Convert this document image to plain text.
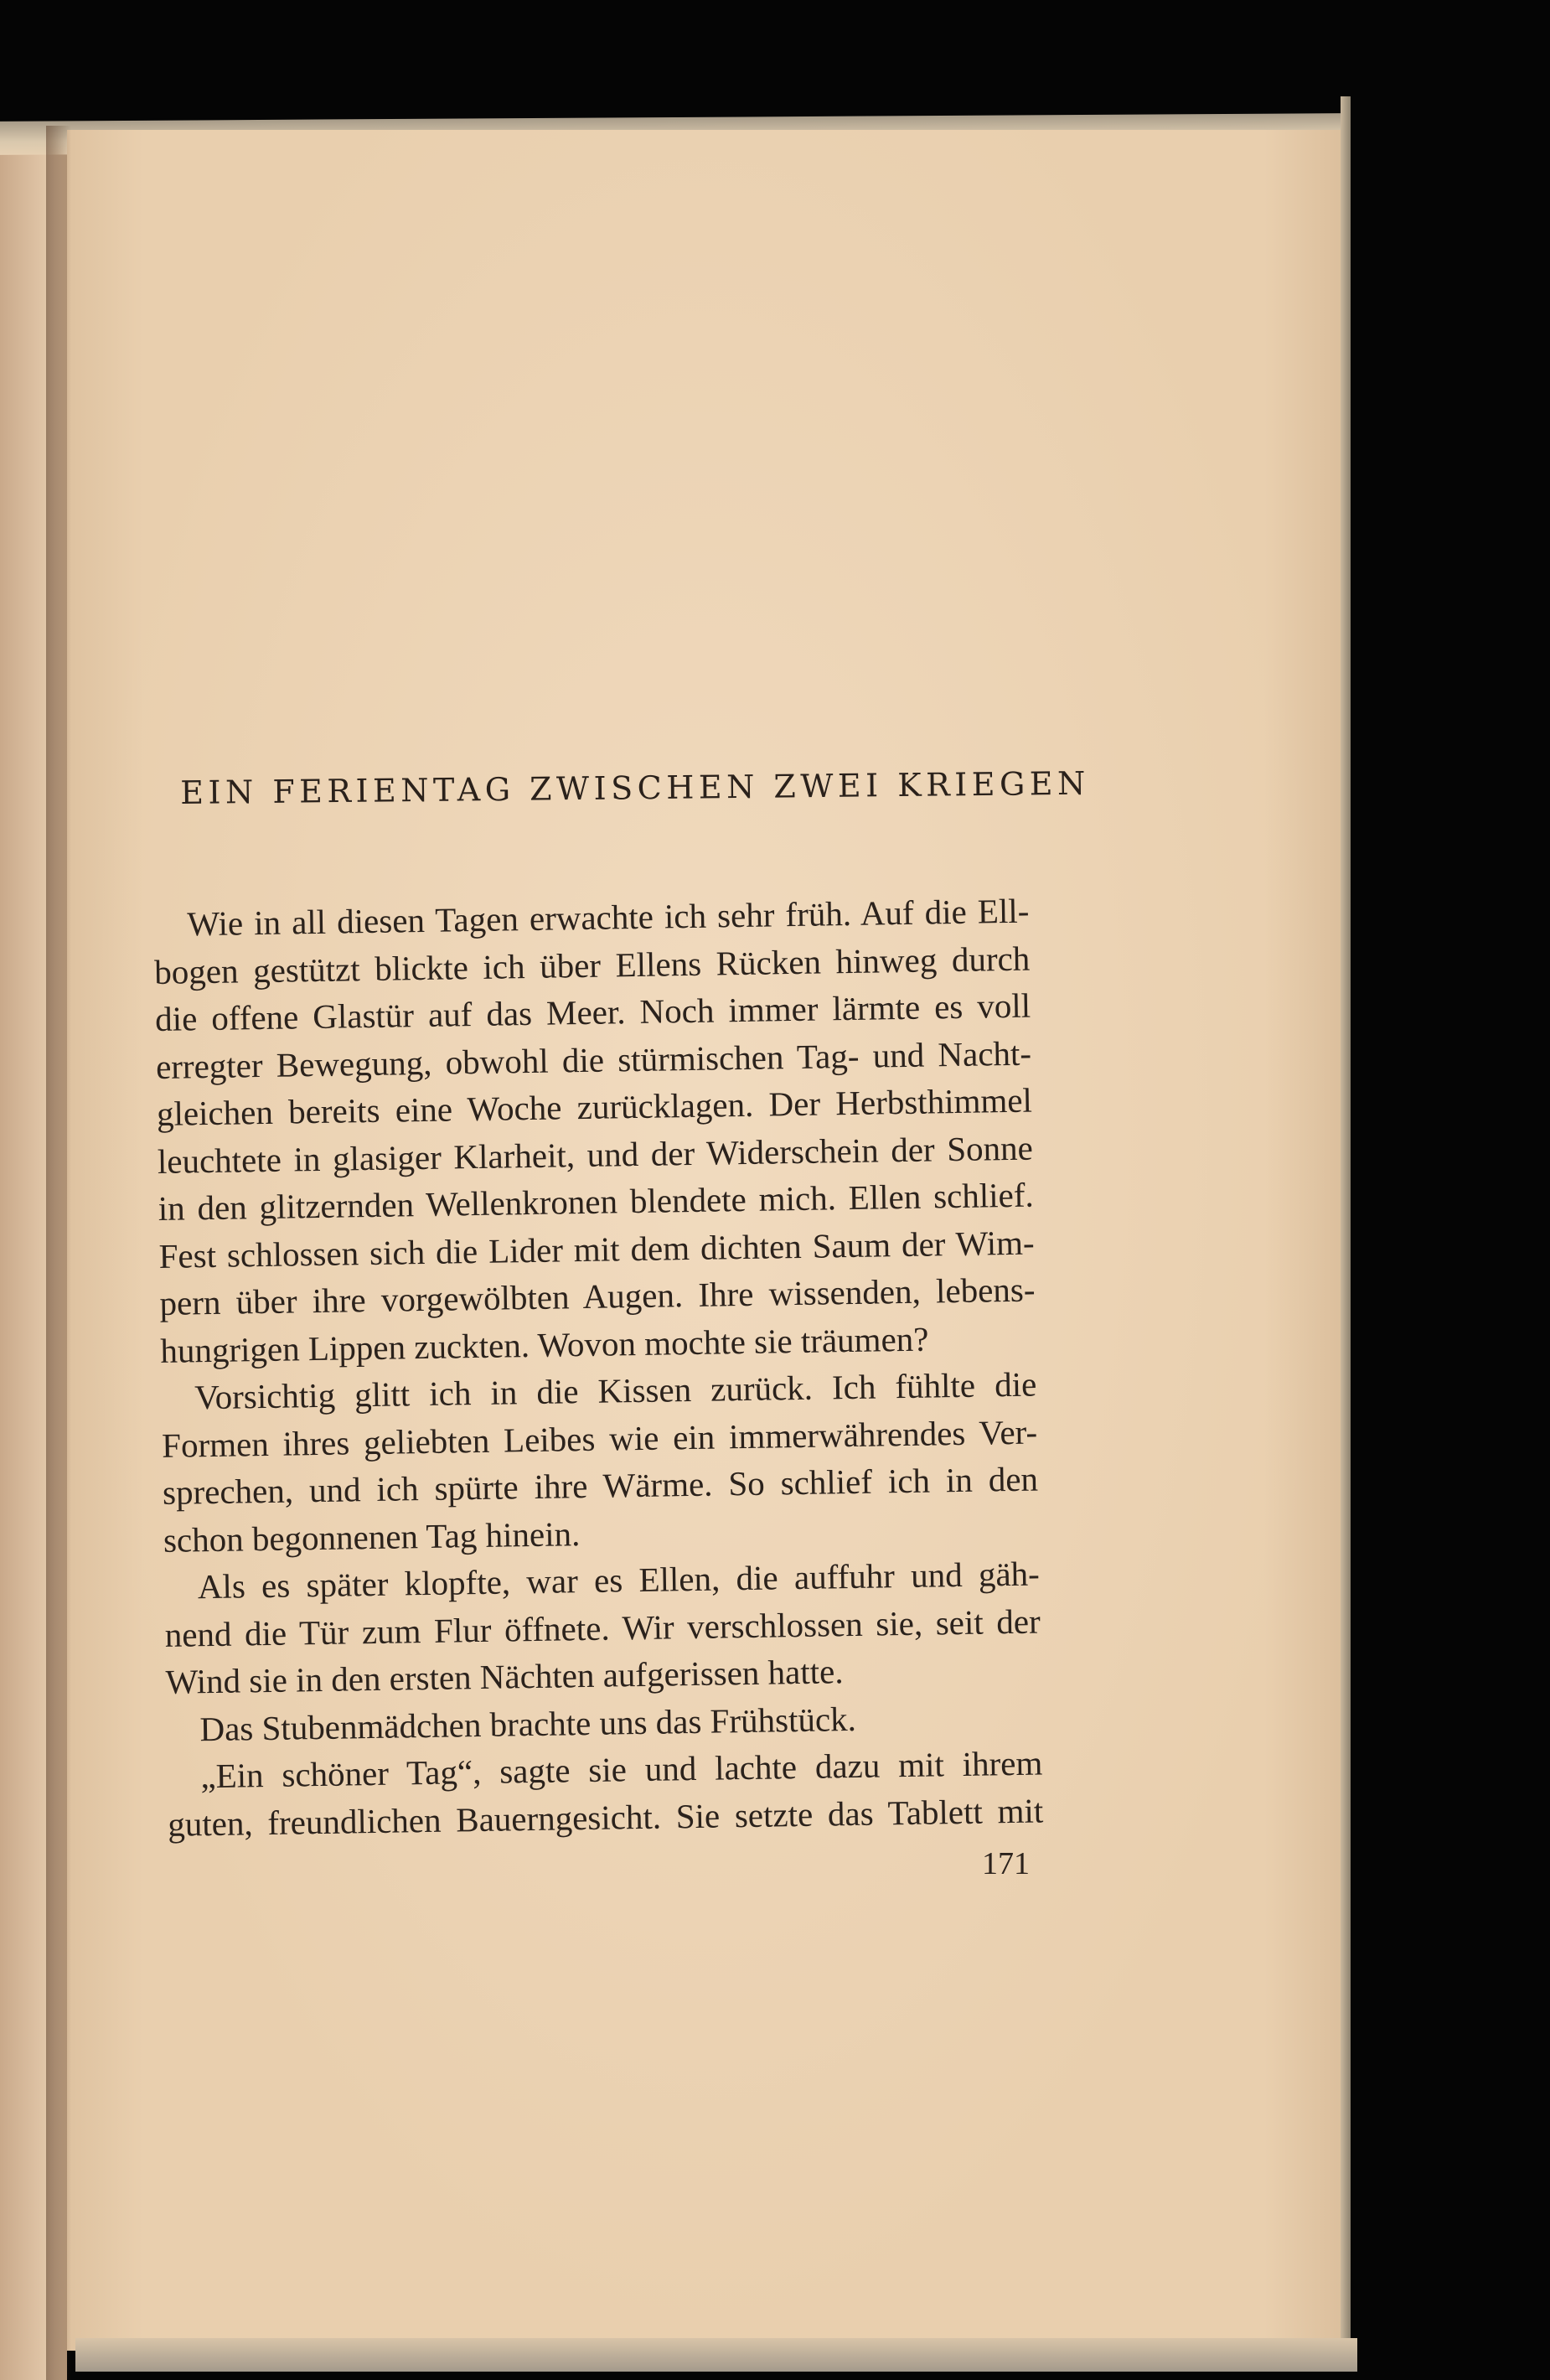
EIN FERIENTAG ZWISCHEN ZWEI KRIEGEN
Wie in all diesen Tagen erwachte ich sehr früh. Auf die Ell-
bogen gestützt blickte ich über Ellens Rücken hinweg durch
die offene Glastür auf das Meer. Noch immer lärmte es voll
erregter Bewegung, obwohl die stürmischen Tag- und Nacht-
gleichen bereits eine Woche zurücklagen. Der Herbsthimmel
leuchtete in glasiger Klarheit, und der Widerschein der Sonne
in den glitzernden Wellenkronen blendete mich. Ellen schlief.
Fest schlossen sich die Lider mit dem dichten Saum der Wim-
pern über ihre vorgewölbten Augen. Ihre wissenden, lebens-
hungrigen Lippen zuckten. Wovon mochte sie träumen?
Vorsichtig glitt ich in die Kissen zurück. Ich fühlte die
Formen ihres geliebten Leibes wie ein immerwährendes Ver-
sprechen, und ich spürte ihre Wärme. So schlief ich in den
schon begonnenen Tag hinein.
Als es später klopfte, war es Ellen, die auffuhr und gäh-
nend die Tür zum Flur öffnete. Wir verschlossen sie, seit der
Wind sie in den ersten Nächten aufgerissen hatte.
Das Stubenmädchen brachte uns das Frühstück.
„Ein schöner Tag“, sagte sie und lachte dazu mit ihrem
guten, freundlichen Bauerngesicht. Sie setzte das Tablett mit

171
